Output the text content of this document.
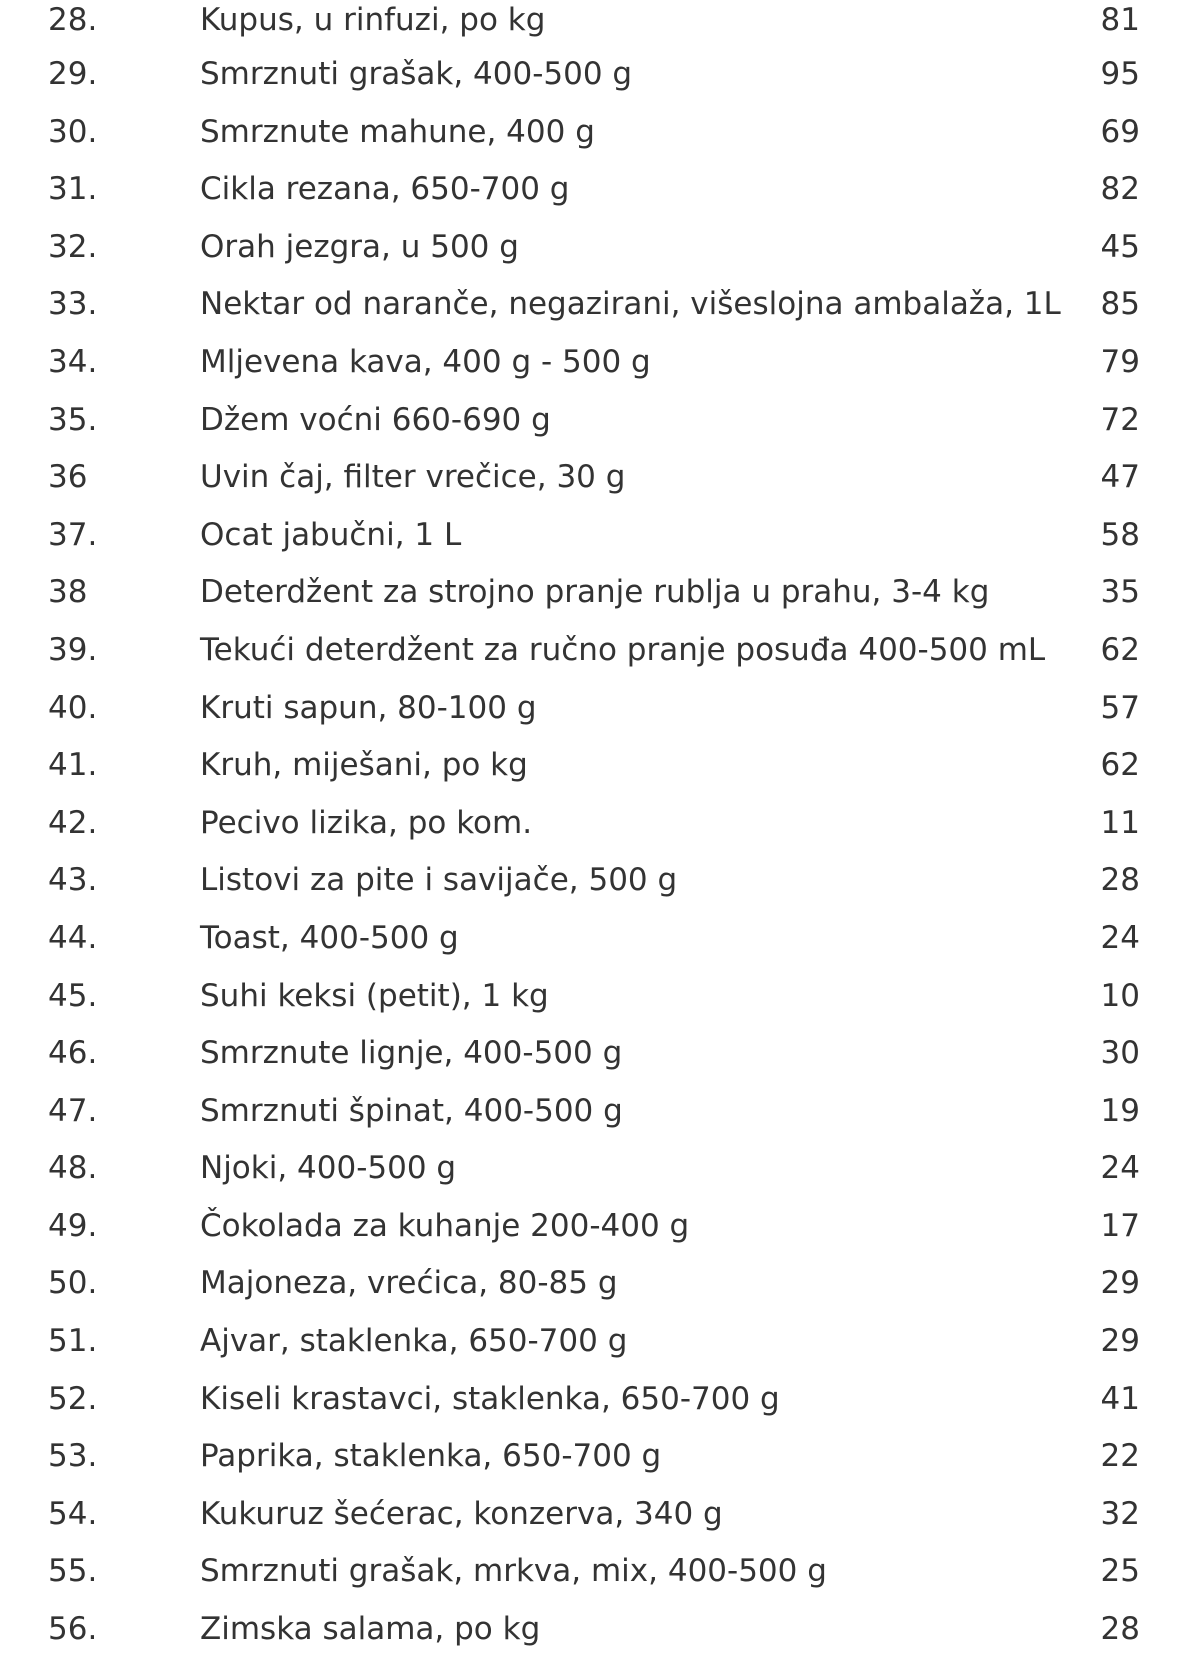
28.	Kupus, u rinfuzi, po kg	81
29.	Smrznuti grašak, 400-500 g	95
30.	Smrznute mahune, 400 g	69
31.	Cikla rezana, 650-700 g	82
32.	Orah jezgra, u 500 g	45
33.	Nektar od naranče, negazirani, višeslojna ambalaža, 1L 85
34.	Mljevena kava, 400 g - 500 g	79
35.	Džem voćni 660-690 g	72
36	Uvin čaj, filter vrečice, 30 g	47
37.	Ocat jabučni, 1 L	58
38	Deterdžent za strojno pranje rublja u prahu, 3-4 kg	35
39.	Tekući deterdžent za ručno pranje posuđa 400-500 mL 62
40.	Kruti sapun, 80-100 g	57
41.	Kruh, miješani, po kg	62
42.	Pecivo lizika, po kom.	11
43.	Listovi za pite i savijače, 500 g	28
44.	Toast, 400-500 g	24
45.	Suhi keksi (petit), 1 kg	10
46.	Smrznute lignje, 400-500 g	30
47.	Smrznuti špinat, 400-500 g	19
48.	Njoki, 400-500 g	24
49.	Čokolada za kuhanje 200-400 g	17
50.	Majoneza, vrećica, 80-85 g	29
51.	Ajvar, staklenka, 650-700 g	29
52.	Kiseli krastavci, staklenka, 650-700 g	41
53.	Paprika, staklenka, 650-700 g	22
54.	Kukuruz šećerac, konzerva, 340 g	32
55.	Smrznuti grašak, mrkva, mix, 400-500 g	25
56.	Zimska salama, po kg	28
